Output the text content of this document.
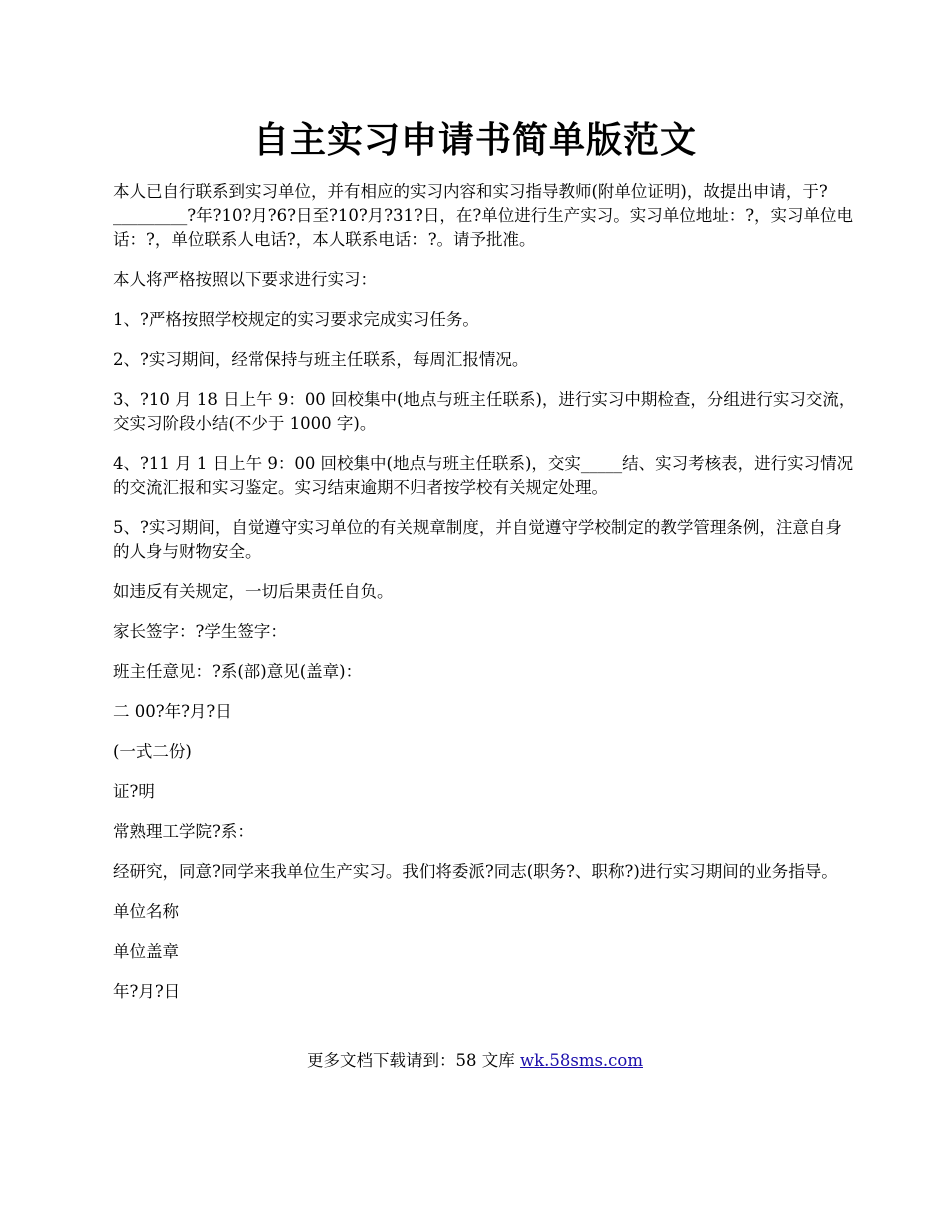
自主实习申请书简单版范文

本人已自行联系到实习单位，并有相应的实习内容和实习指导教师(附单位证明)，故提出申请，于?_________?年?10?月?6?日至?10?月?31?日，在?单位进行生产实习。实习单位地址：?，实习单位电话：?，单位联系人电话?，本人联系电话：?。请予批准。

本人将严格按照以下要求进行实习：

1、?严格按照学校规定的实习要求完成实习任务。

2、?实习期间，经常保持与班主任联系，每周汇报情况。

3、?10 月 18 日上午 9：00 回校集中(地点与班主任联系)，进行实习中期检查，分组进行实习交流，交实习阶段小结(不少于 1000 字)。

4、?11 月 1 日上午 9：00 回校集中(地点与班主任联系)，交实_____结、实习考核表，进行实习情况的交流汇报和实习鉴定。实习结束逾期不归者按学校有关规定处理。

5、?实习期间，自觉遵守实习单位的有关规章制度，并自觉遵守学校制定的教学管理条例，注意自身的人身与财物安全。

如违反有关规定，一切后果责任自负。

家长签字：?学生签字：

班主任意见：?系(部)意见(盖章)：

二 00?年?月?日

(一式二份)

证?明

常熟理工学院?系：

经研究，同意?同学来我单位生产实习。我们将委派?同志(职务?、职称?)进行实习期间的业务指导。

单位名称

单位盖章

年?月?日

更多文档下载请到：58 文库 wk.58sms.com
